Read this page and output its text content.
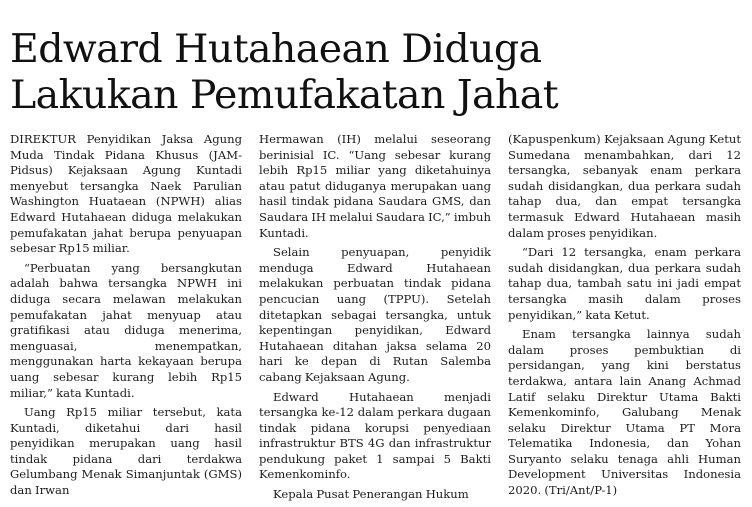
Edward Hutahaean Diduga
Lakukan Pemufakatan Jahat

DIREKTUR Penyidikan Jaksa Agung Muda Tindak Pidana Khusus (JAM-Pidsus) Kejaksaan Agung Kuntadi menyebut tersangka Naek Parulian Washington Huataean (NPWH) alias Edward Hutahaean diduga melakukan pemufakatan jahat berupa penyuapan sebesar Rp15 miliar.

“Perbuatan yang bersangkutan adalah bahwa tersangka NPWH ini diduga secara melawan melakukan pemufakatan jahat menyuap atau gratifikasi atau diduga menerima, menguasai, menempatkan, menggunakan harta kekayaan berupa uang sebesar kurang lebih Rp15 miliar,” kata Kuntadi.

Uang Rp15 miliar tersebut, kata Kuntadi, diketahui dari hasil penyidikan merupakan uang hasil tindak pidana dari terdakwa Gelumbang Menak Simanjuntak (GMS) dan Irwan

Hermawan (IH) melalui seseorang berinisial IC. “Uang sebesar kurang lebih Rp15 miliar yang diketahuinya atau patut diduganya merupakan uang hasil tindak pidana Saudara GMS, dan Saudara IH melalui Saudara IC,” imbuh Kuntadi.

Selain penyuapan, penyidik menduga Edward Hutahaean melakukan perbuatan tindak pidana pencucian uang (TPPU). Setelah ditetapkan sebagai tersangka, untuk kepentingan penyidikan, Edward Hutahaean ditahan jaksa selama 20 hari ke depan di Rutan Salemba cabang Kejaksaan Agung.

Edward Hutahaean menjadi tersangka ke-12 dalam perkara dugaan tindak pidana korupsi penyediaan infrastruktur BTS 4G dan infrastruktur pendukung paket 1 sampai 5 Bakti Kemenkominfo.

Kepala Pusat Penerangan Hukum

(Kapuspenkum) Kejaksaan Agung Ketut Sumedana menambahkan, dari 12 tersangka, sebanyak enam perkara sudah disidangkan, dua perkara sudah tahap dua, dan empat tersangka termasuk Edward Hutahaean masih dalam proses penyidikan.

“Dari 12 tersangka, enam perkara sudah disidangkan, dua perkara sudah tahap dua, tambah satu ini jadi empat tersangka masih dalam proses penyidikan,” kata Ketut.

Enam tersangka lainnya sudah dalam proses pembuktian di persidangan, yang kini berstatus terdakwa, antara lain Anang Achmad Latif selaku Direktur Utama Bakti Kemenkominfo, Galubang Menak selaku Direktur Utama PT Mora Telematika Indonesia, dan Yohan Suryanto selaku tenaga ahli Human Development Universitas Indonesia 2020. (Tri/Ant/P-1)
